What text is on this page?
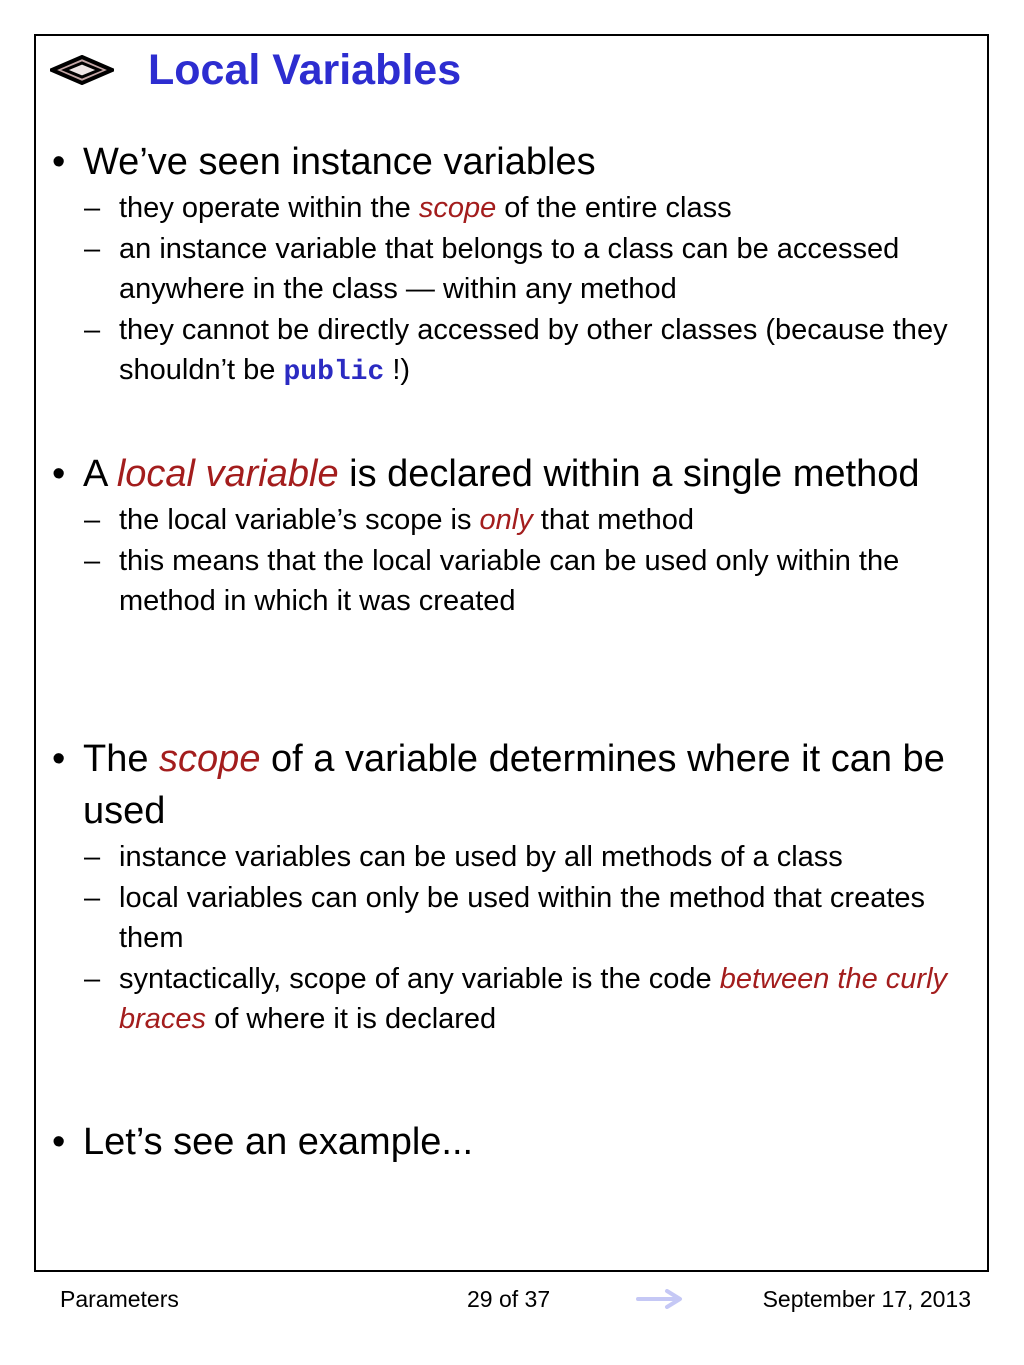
Local Variables
• We’ve seen instance variables
– they operate within the scope of the entire class
– an instance variable that belongs to a class can be accessed anywhere in the class — within any method
– they cannot be directly accessed by other classes (because they shouldn’t be public !)
• A local variable is declared within a single method
– the local variable’s scope is only that method
– this means that the local variable can be used only within the method in which it was created
• The scope of a variable determines where it can be used
– instance variables can be used by all methods of a class
– local variables can only be used within the method that creates them
– syntactically, scope of any variable is the code between the curly braces of where it is declared
• Let’s see an example...
Parameters	29 of 37	September 17, 2013
